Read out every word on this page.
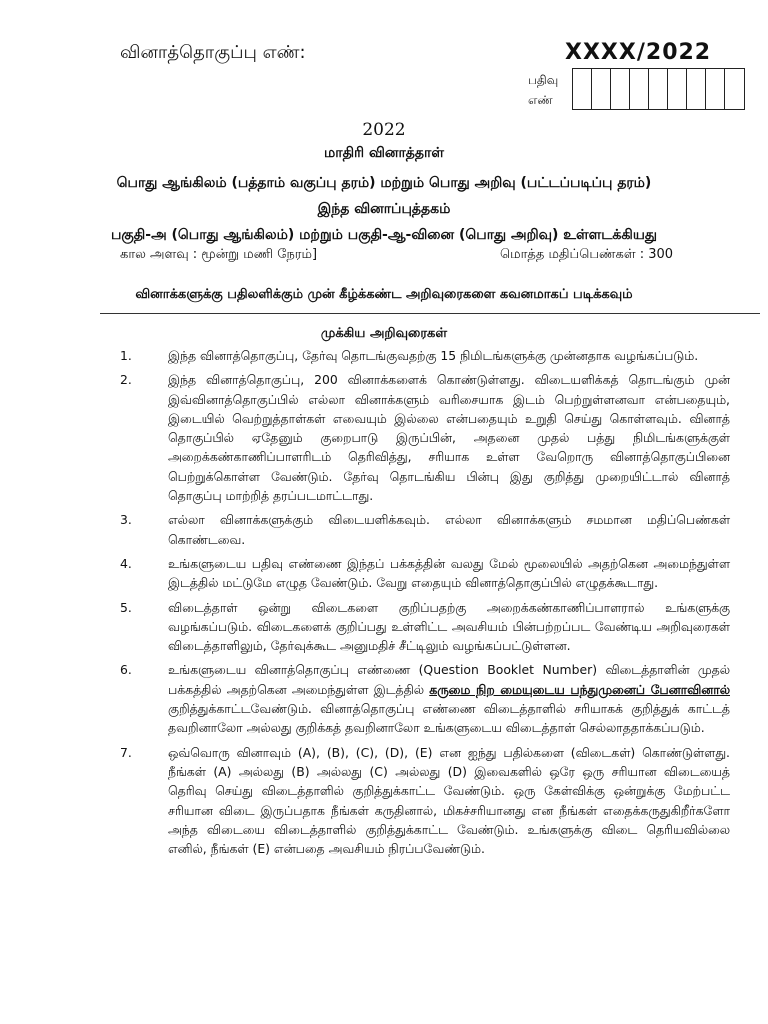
வினாத்தொகுப்பு எண்:	XXXX/2022
பதிவு
எண்
2022
மாதிரி வினாத்தாள்
பொது ஆங்கிலம் (பத்தாம் வகுப்பு தரம்) மற்றும் பொது அறிவு (பட்டப்படிப்பு தரம்)
இந்த வினாப்புத்தகம்
பகுதி-அ (பொது ஆங்கிலம்) மற்றும் பகுதி-ஆ-வினை (பொது அறிவு) உள்ளடக்கியது
கால அளவு : மூன்று மணி நேரம்]	மொத்த மதிப்பெண்கள் : 300
வினாக்களுக்கு பதிலளிக்கும் முன் கீழ்க்கண்ட அறிவுரைகளை கவனமாகப் படிக்கவும்
முக்கிய அறிவுரைகள்
1.	இந்த வினாத்தொகுப்பு, தேர்வு தொடங்குவதற்கு 15 நிமிடங்களுக்கு முன்னதாக வழங்கப்படும்.
2.	இந்த வினாத்தொகுப்பு, 200 வினாக்களைக் கொண்டுள்ளது. விடையளிக்கத் தொடங்கும் முன் இவ்வினாத்தொகுப்பில் எல்லா வினாக்களும் வரிசையாக இடம் பெற்றுள்ளனவா என்பதையும், இடையில் வெற்றுத்தாள்கள் எவையும் இல்லை என்பதையும் உறுதி செய்து கொள்ளவும். வினாத் தொகுப்பில் ஏதேனும் குறைபாடு இருப்பின், அதனை முதல் பத்து நிமிடங்களுக்குள் அறைக்கண்காணிப்பாளரிடம் தெரிவித்து, சரியாக உள்ள வேறொரு வினாத்தொகுப்பினை பெற்றுக்கொள்ள வேண்டும். தேர்வு தொடங்கிய பின்பு இது குறித்து முறையிட்டால் வினாத் தொகுப்பு மாற்றித் தரப்படமாட்டாது.
3.	எல்லா வினாக்களுக்கும் விடையளிக்கவும். எல்லா வினாக்களும் சமமான மதிப்பெண்கள் கொண்டவை.
4.	உங்களுடைய பதிவு எண்ணை இந்தப் பக்கத்தின் வலது மேல் மூலையில் அதற்கென அமைந்துள்ள இடத்தில் மட்டுமே எழுத வேண்டும். வேறு எதையும் வினாத்தொகுப்பில் எழுதக்கூடாது.
5.	விடைத்தாள் ஒன்று விடைகளை குறிப்பதற்கு அறைக்கண்காணிப்பாளரால் உங்களுக்கு வழங்கப்படும். விடைகளைக் குறிப்பது உள்ளிட்ட அவசியம் பின்பற்றப்பட வேண்டிய அறிவுரைகள் விடைத்தாளிலும், தேர்வுக்கூட அனுமதிச் சீட்டிலும் வழங்கப்பட்டுள்ளன.
6.	உங்களுடைய வினாத்தொகுப்பு எண்ணை (Question Booklet Number) விடைத்தாளின் முதல் பக்கத்தில் அதற்கென அமைந்துள்ள இடத்தில் கருமை நிற மையுடைய பந்துமுனைப் பேனாவினால் குறித்துக்காட்டவேண்டும். வினாத்தொகுப்பு எண்ணை விடைத்தாளில் சரியாகக் குறித்துக் காட்டத் தவறினாலோ அல்லது குறிக்கத் தவறினாலோ உங்களுடைய விடைத்தாள் செல்லாததாக்கப்படும்.
7.	ஒவ்வொரு வினாவும் (A), (B), (C), (D), (E) என ஐந்து பதில்களை (விடைகள்) கொண்டுள்ளது. நீங்கள் (A) அல்லது (B) அல்லது (C) அல்லது (D) இவைகளில் ஒரே ஒரு சரியான விடையைத் தெரிவு செய்து விடைத்தாளில் குறித்துக்காட்ட வேண்டும். ஒரு கேள்விக்கு ஒன்றுக்கு மேற்பட்ட சரியான விடை இருப்பதாக நீங்கள் கருதினால், மிகச்சரியானது என நீங்கள் எதைக்கருதுகிறீர்களோ அந்த விடையை விடைத்தாளில் குறித்துக்காட்ட வேண்டும். உங்களுக்கு விடை தெரியவில்லை எனில், நீங்கள் (E) என்பதை அவசியம் நிரப்பவேண்டும்.
